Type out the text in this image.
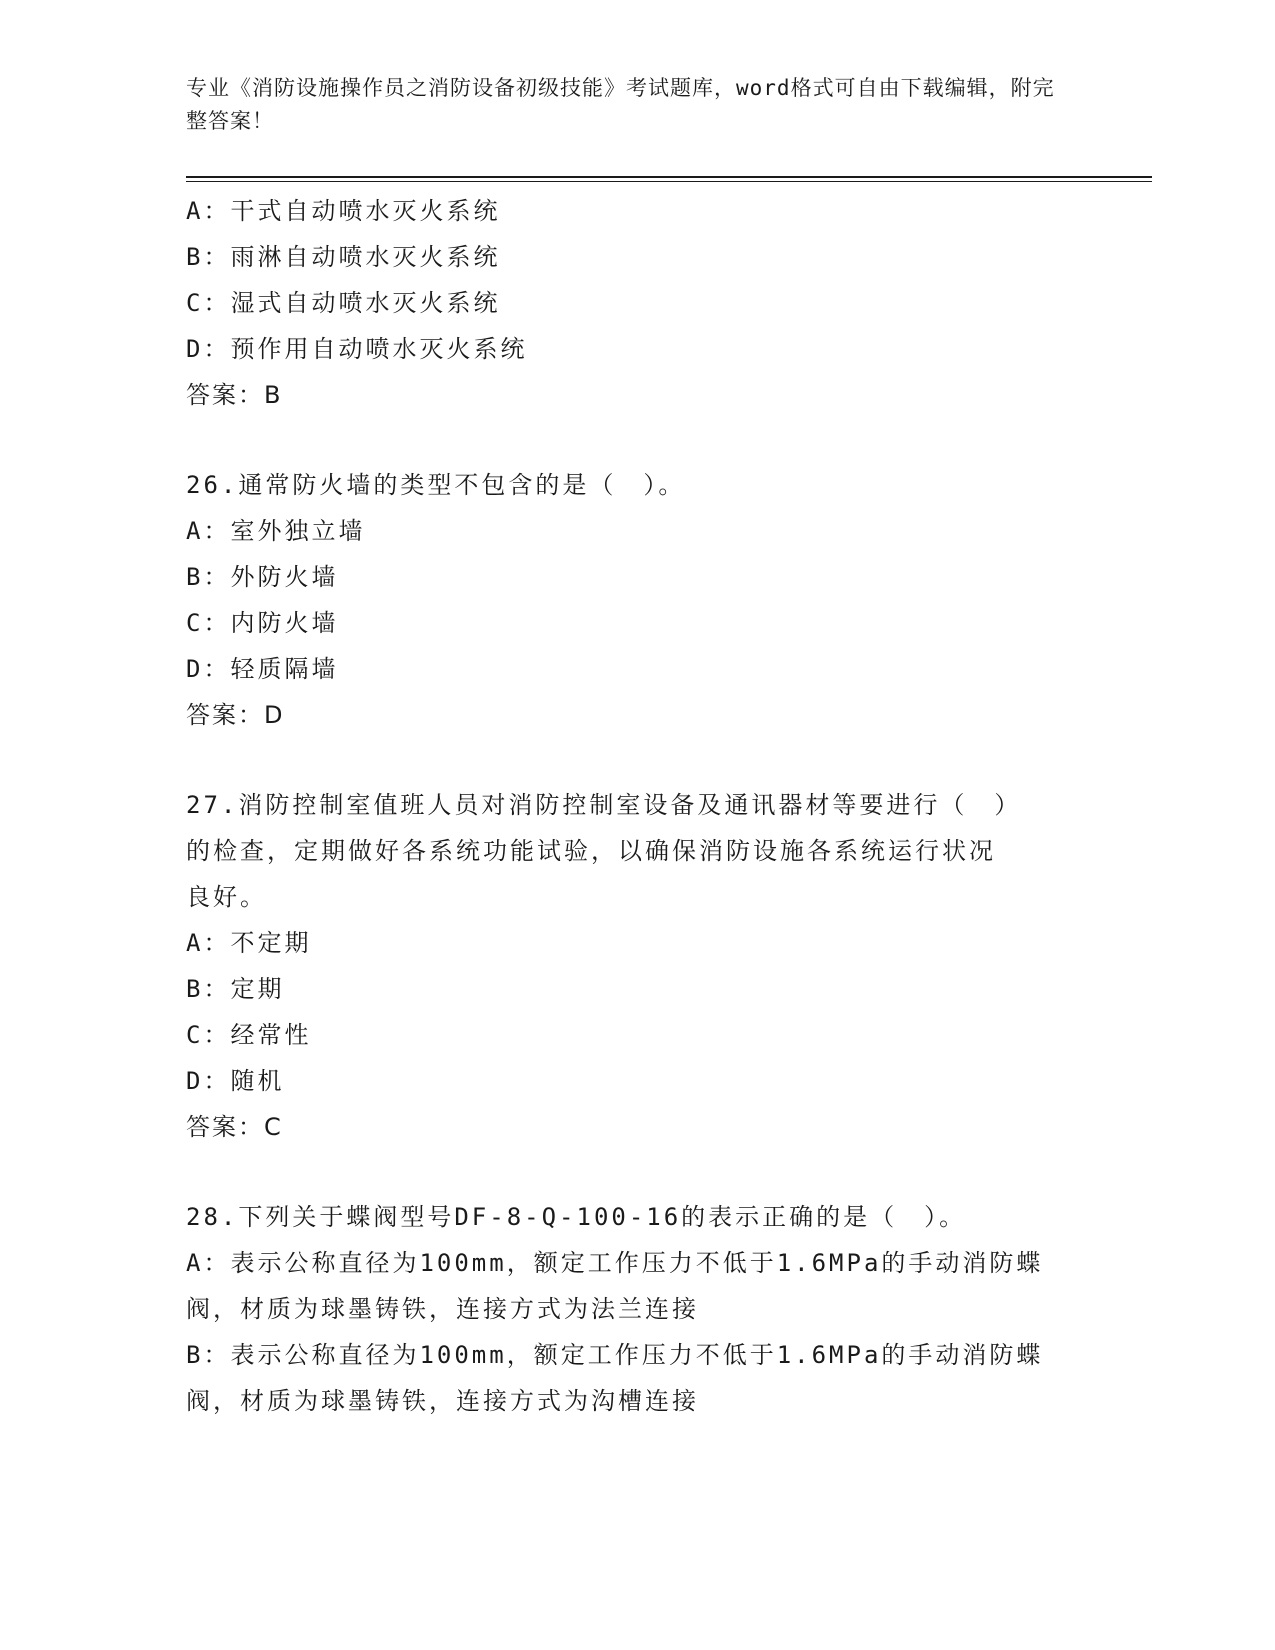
专业《消防设施操作员之消防设备初级技能》考试题库，word格式可自由下载编辑，附完整答案！
A：干式自动喷水灭火系统
B：雨淋自动喷水灭火系统
C：湿式自动喷水灭火系统
D：预作用自动喷水灭火系统
答案：B
26.通常防火墙的类型不包含的是（　）。
A：室外独立墙
B：外防火墙
C：内防火墙
D：轻质隔墙
答案：D
27.消防控制室值班人员对消防控制室设备及通讯器材等要进行（　）
的检查，定期做好各系统功能试验，以确保消防设施各系统运行状况
良好。
A：不定期
B：定期
C：经常性
D：随机
答案：C
28.下列关于蝶阀型号DF-8-Q-100-16的表示正确的是（　）。
A：表示公称直径为100mm，额定工作压力不低于1.6MPa的手动消防蝶
阀，材质为球墨铸铁，连接方式为法兰连接
B：表示公称直径为100mm，额定工作压力不低于1.6MPa的手动消防蝶
阀，材质为球墨铸铁，连接方式为沟槽连接
